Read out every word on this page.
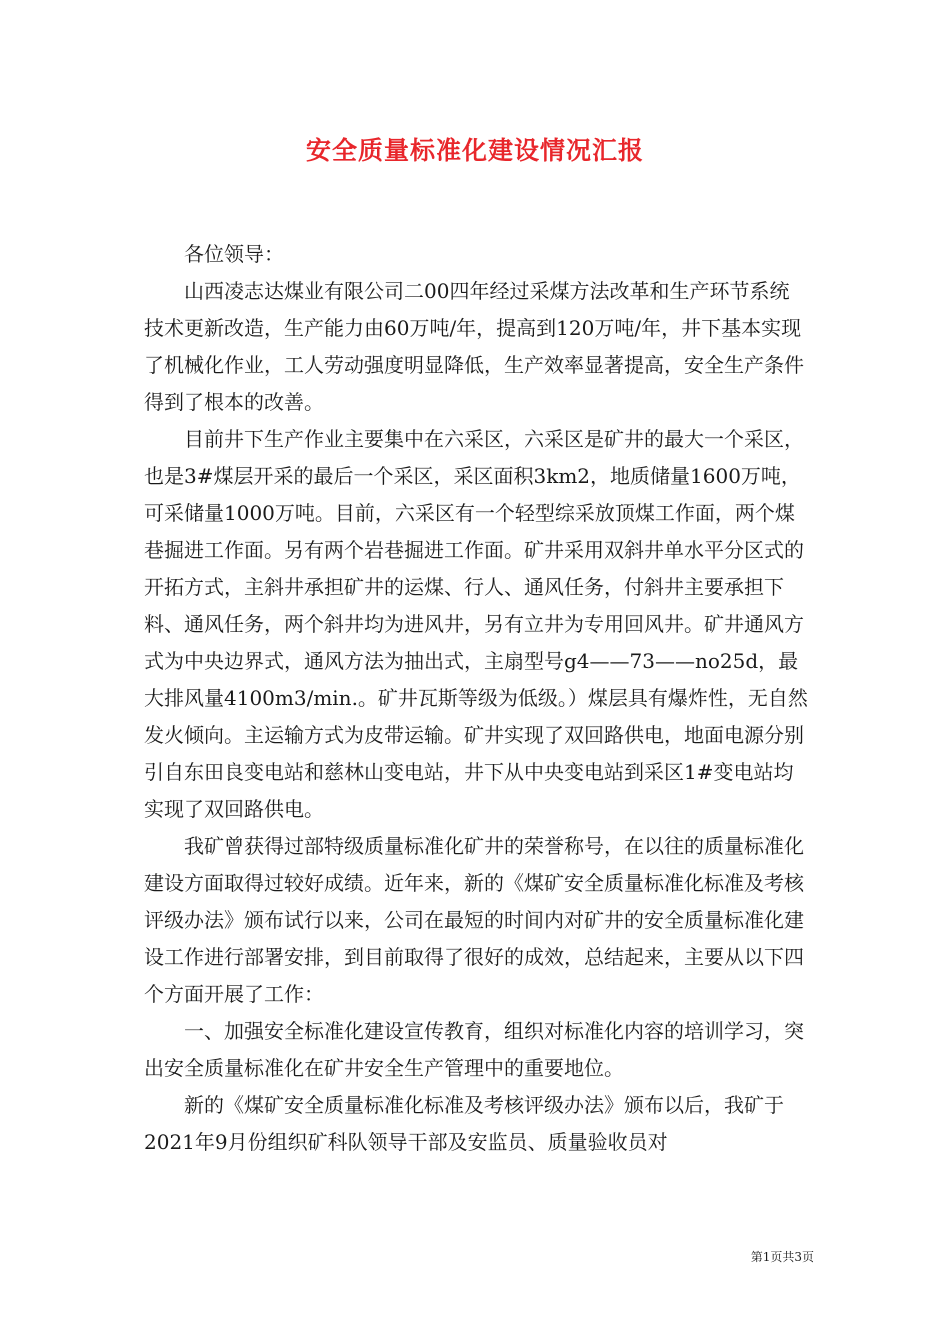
安全质量标准化建设情况汇报

各位领导：

山西凌志达煤业有限公司二00四年经过采煤方法改革和生产环节系统技术更新改造，生产能力由60万吨/年，提高到120万吨/年，井下基本实现了机械化作业，工人劳动强度明显降低，生产效率显著提高，安全生产条件得到了根本的改善。

目前井下生产作业主要集中在六采区，六采区是矿井的最大一个采区，也是3#煤层开采的最后一个采区，采区面积3km2，地质储量1600万吨，可采储量1000万吨。目前，六采区有一个轻型综采放顶煤工作面，两个煤巷掘进工作面。另有两个岩巷掘进工作面。矿井采用双斜井单水平分区式的开拓方式，主斜井承担矿井的运煤、行人、通风任务，付斜井主要承担下料、通风任务，两个斜井均为进风井，另有立井为专用回风井。矿井通风方式为中央边界式，通风方法为抽出式，主扇型号g4——73——no25d，最大排风量4100m3/min.。矿井瓦斯等级为低级。）煤层具有爆炸性，无自然发火倾向。主运输方式为皮带运输。矿井实现了双回路供电，地面电源分别引自东田良变电站和慈林山变电站，井下从中央变电站到采区1#变电站均实现了双回路供电。

我矿曾获得过部特级质量标准化矿井的荣誉称号，在以往的质量标准化建设方面取得过较好成绩。近年来，新的《煤矿安全质量标准化标准及考核评级办法》颁布试行以来，公司在最短的时间内对矿井的安全质量标准化建设工作进行部署安排，到目前取得了很好的成效，总结起来，主要从以下四个方面开展了工作：

一、加强安全标准化建设宣传教育，组织对标准化内容的培训学习，突出安全质量标准化在矿井安全生产管理中的重要地位。

新的《煤矿安全质量标准化标准及考核评级办法》颁布以后，我矿于2021年9月份组织矿科队领导干部及安监员、质量验收员对

第1页共3页
